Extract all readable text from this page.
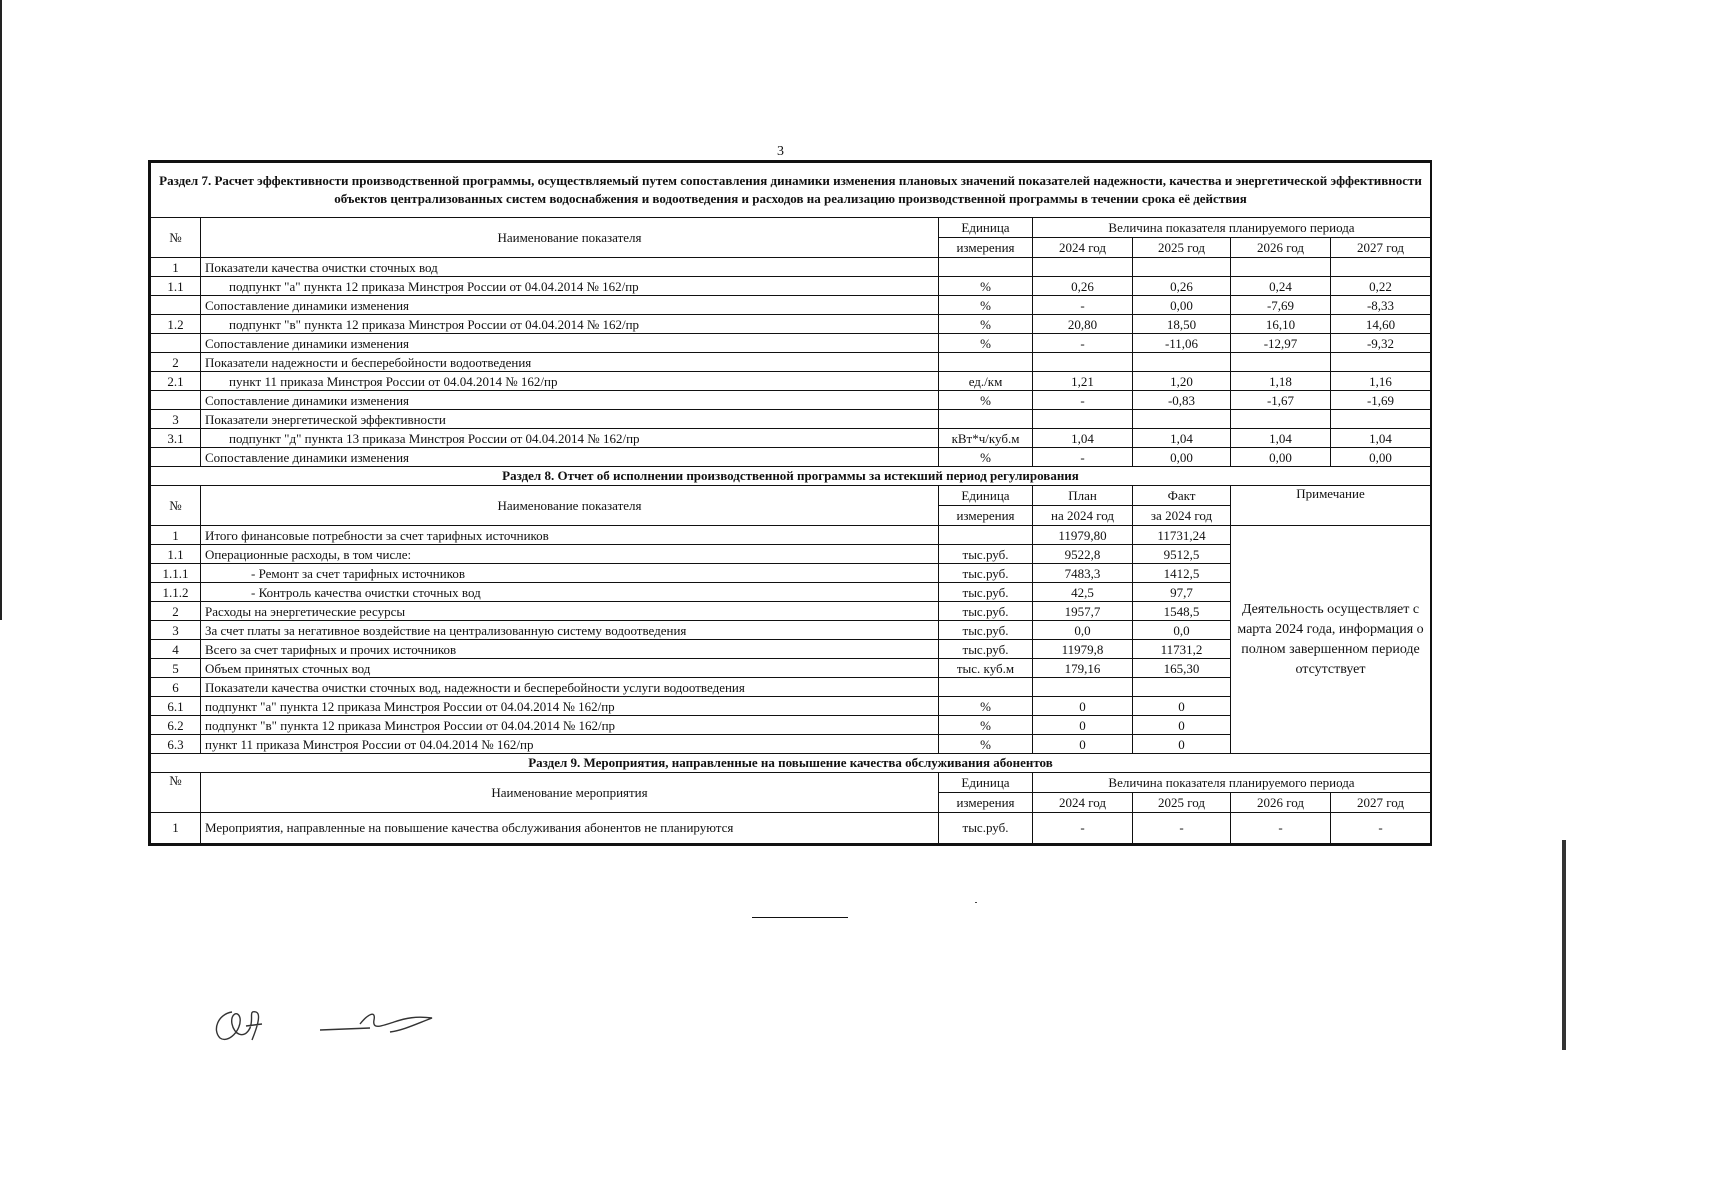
3
Раздел 7. Расчет эффективности производственной программы, осуществляемый путем сопоставления динамики изменения плановых значений показателей надежности, качества и энергетической эффективности объектов централизованных систем водоснабжения и водоотведения и расходов на реализацию производственной программы в течении срока её действия						
№	Наименование показателя	Единица	Величина показателя планируемого периода			
		измерения	2024 год	2025 год	2026 год	2027 год
1	Показатели качества очистки сточных вод					
1.1	подпункт "а" пункта 12 приказа Минстроя России от 04.04.2014 № 162/пр	%	0,26	0,26	0,24	0,22
	Сопоставление динамики изменения	%	-	0,00	-7,69	-8,33
1.2	подпункт "в" пункта 12 приказа Минстроя России от 04.04.2014 № 162/пр	%	20,80	18,50	16,10	14,60
	Сопоставление динамики изменения	%	-	-11,06	-12,97	-9,32
2	Показатели надежности и бесперебойности водоотведения					
2.1	пункт 11 приказа Минстроя России от 04.04.2014 № 162/пр	ед./км	1,21	1,20	1,18	1,16
	Сопоставление динамики изменения	%	-	-0,83	-1,67	-1,69
3	Показатели энергетической эффективности					
3.1	подпункт "д" пункта 13 приказа Минстроя России от 04.04.2014 № 162/пр	кВт*ч/куб.м	1,04	1,04	1,04	1,04
	Сопоставление динамики изменения	%	-	0,00	0,00	0,00
Раздел 8. Отчет об исполнении производственной программы за истекший период регулирования						
№	Наименование показателя	Единица	План	Факт	Примечание	
		измерения	на 2024 год	за 2024 год		
1	Итого финансовые потребности за счет тарифных источников		11979,80	11731,24	Деятельность осуществляет с марта 2024 года, информация о полном завершенном периоде отсутствует	
1.1	Операционные расходы, в том числе:	тыс.руб.	9522,8	9512,5		
1.1.1	- Ремонт за счет тарифных источников	тыс.руб.	7483,3	1412,5		
1.1.2	- Контроль качества очистки сточных вод	тыс.руб.	42,5	97,7		
2	Расходы на энергетические ресурсы	тыс.руб.	1957,7	1548,5		
3	За счет платы за негативное воздействие на централизованную систему водоотведения	тыс.руб.	0,0	0,0		
4	Всего за счет тарифных и прочих источников	тыс.руб.	11979,8	11731,2		
5	Объем принятых сточных вод	тыс. куб.м	179,16	165,30		
6	Показатели качества очистки сточных вод, надежности и бесперебойности услуги водоотведения					
6.1	подпункт "а" пункта 12 приказа Минстроя России от 04.04.2014 № 162/пр	%	0	0		
6.2	подпункт "в" пункта 12 приказа Минстроя России от 04.04.2014 № 162/пр	%	0	0		
6.3	пункт 11 приказа Минстроя России от 04.04.2014 № 162/пр	%	0	0		
Раздел 9. Мероприятия, направленные на повышение качества обслуживания абонентов						
№	Наименование мероприятия	Единица	Величина показателя планируемого периода			
		измерения	2024 год	2025 год	2026 год	2027 год
1	Мероприятия, направленные на повышение качества обслуживания абонентов не планируются	тыс.руб.	-	-	-	-
